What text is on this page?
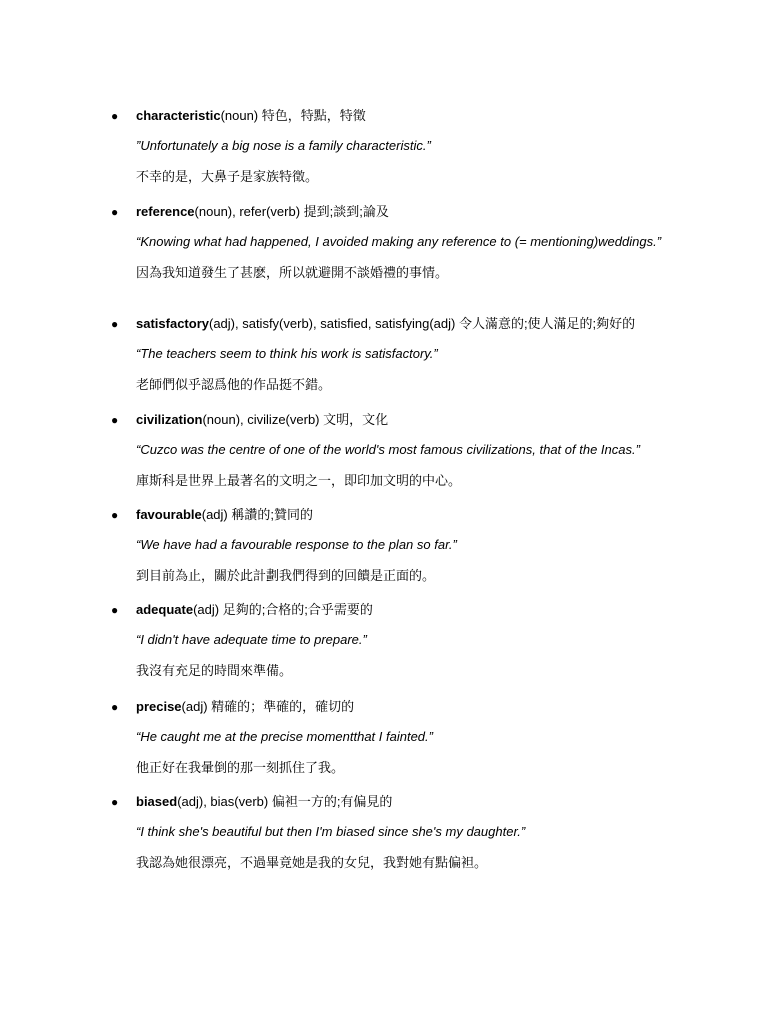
● characteristic(noun) 特色，特點，特徵
”Unfortunately a big nose is a family characteristic.”
不幸的是，大鼻子是家族特徵。
● reference(noun), refer(verb) 提到;談到;論及
“Knowing what had happened, I avoided making any reference to (= mentioning)weddings.”
因為我知道發生了甚麽，所以就避開不談婚禮的事情。
● satisfactory(adj), satisfy(verb), satisfied, satisfying(adj) 令人滿意的;使人滿足的;夠好的
“The teachers seem to think his work is satisfactory.”
老師們似乎認爲他的作品挺不錯。
● civilization(noun), civilize(verb) 文明，文化
“Cuzco was the centre of one of the world's most famous civilizations, that of the Incas.”
庫斯科是世界上最著名的文明之一，即印加文明的中心。
● favourable(adj) 稱讚的;贊同的
“We have had a favourable response to the plan so far.”
到目前為止，關於此計劃我們得到的回饋是正面的。
● adequate(adj) 足夠的;合格的;合乎需要的
“I didn't have adequate time to prepare.”
我沒有充足的時間來準備。
● precise(adj) 精確的；準確的，確切的
“He caught me at the precise momentthat I fainted.”
他正好在我暈倒的那一刻抓住了我。
● biased(adj), bias(verb) 偏袒一方的;有偏見的
“I think she's beautiful but then I'm biased since she's my daughter.”
我認為她很漂亮，不過畢竟她是我的女兒，我對她有點偏袒。
